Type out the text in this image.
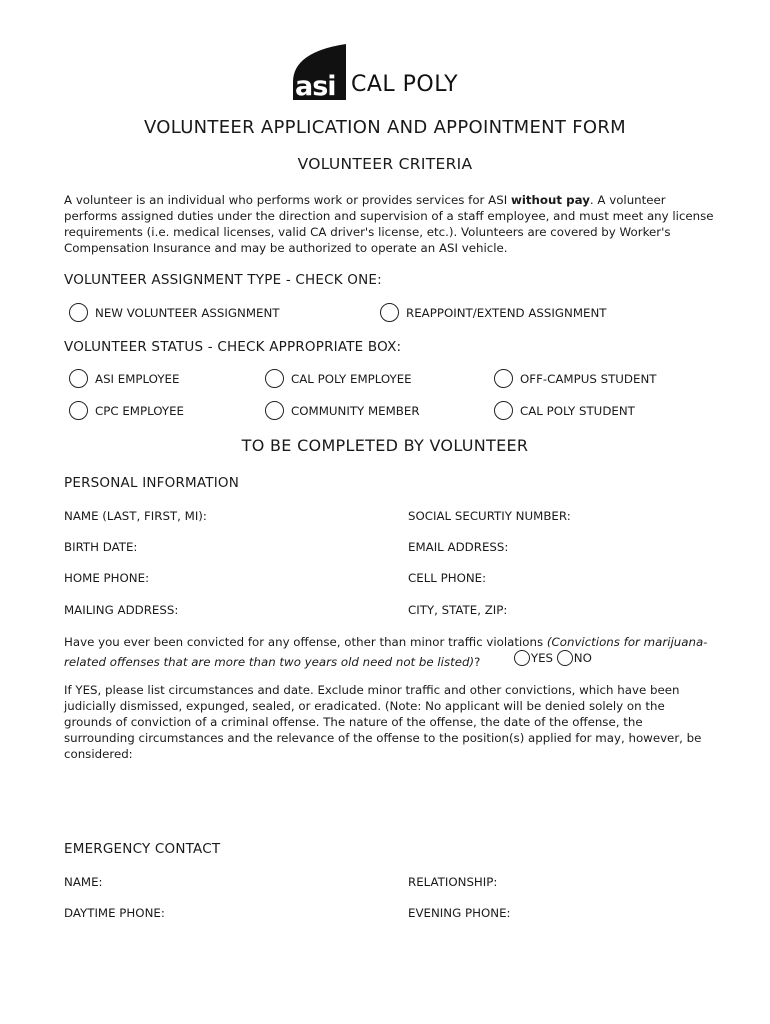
asi CAL POLY
VOLUNTEER APPLICATION AND APPOINTMENT FORM
VOLUNTEER CRITERIA
A volunteer is an individual who performs work or provides services for ASI without pay. A volunteer performs assigned duties under the direction and supervision of a staff employee, and must meet any license requirements (i.e. medical licenses, valid CA driver's license, etc.). Volunteers are covered by Worker's Compensation Insurance and may be authorized to operate an ASI vehicle.
VOLUNTEER ASSIGNMENT TYPE - CHECK ONE:
NEW VOLUNTEER ASSIGNMENT	REAPPOINT/EXTEND ASSIGNMENT
VOLUNTEER STATUS - CHECK APPROPRIATE BOX:
ASI EMPLOYEE	CAL POLY EMPLOYEE	OFF-CAMPUS STUDENT
CPC EMPLOYEE	COMMUNITY MEMBER	CAL POLY STUDENT
TO BE COMPLETED BY VOLUNTEER
PERSONAL INFORMATION
NAME (LAST, FIRST, MI):	SOCIAL SECURTIY NUMBER:
BIRTH DATE:	EMAIL ADDRESS:
HOME PHONE:	CELL PHONE:
MAILING ADDRESS:	CITY, STATE, ZIP:
Have you ever been convicted for any offense, other than minor traffic violations (Convictions for marijuana-related offenses that are more than two years old need not be listed)?	YES
NO
If YES, please list circumstances and date. Exclude minor traffic and other convictions, which have been judicially dismissed, expunged, sealed, or eradicated. (Note: No applicant will be denied solely on the grounds of conviction of a criminal offense. The nature of the offense, the date of the offense, the surrounding circumstances and the relevance of the offense to the position(s) applied for may, however, be considered:
EMERGENCY CONTACT
NAME:	RELATIONSHIP:
DAYTIME PHONE:	EVENING PHONE:
